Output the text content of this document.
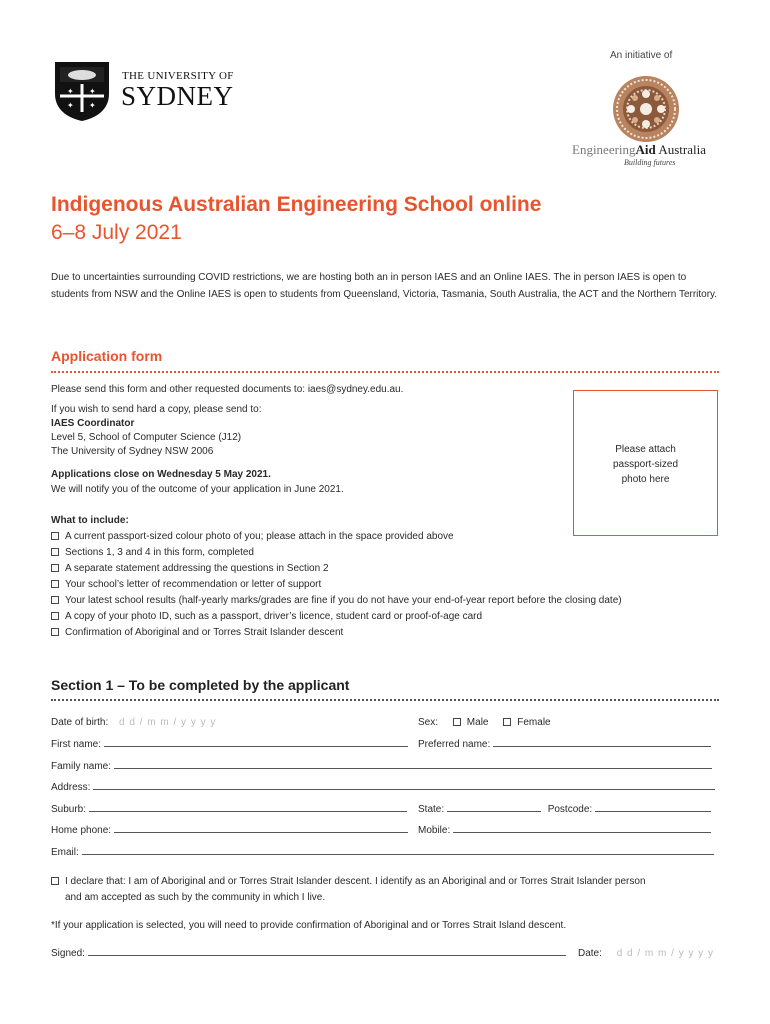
✦ ✦
✦ ✦
THE UNIVERSITY OF
SYDNEY
An initiative of
EngineeringAid Australia
Building futures
Indigenous Australian Engineering School online
6–8 July 2021
Due to uncertainties surrounding COVID restrictions, we are hosting both an in person IAES and an Online IAES. The in person IAES is open to students from NSW and the Online IAES is open to students from Queensland, Victoria, Tasmania, South Australia, the ACT and the Northern Territory.
Application form
Please send this form and other requested documents to: iaes@sydney.edu.au.
If you wish to send hard a copy, please send to:
IAES Coordinator
Level 5, School of Computer Science (J12)
The University of Sydney NSW 2006
Applications close on Wednesday 5 May 2021.
We will notify you of the outcome of your application in June 2021.
Please attach
passport-sized
photo here
What to include:
A current passport-sized colour photo of you; please attach in the space provided above
Sections 1, 3 and 4 in this form, completed
A separate statement addressing the questions in Section 2
Your school’s letter of recommendation or letter of support
Your latest school results (half-yearly marks/grades are fine if you do not have your end-of-year report before the closing date)
A copy of your photo ID, such as a passport, driver’s licence, student card or proof-of-age card
Confirmation of Aboriginal and or Torres Strait Islander descent
Section 1 – To be completed by the applicant
Date of birth: d d / m m / y y y y	Sex:	Male	Female
First name:	Preferred name:
Family name:
Address:
Suburb:	State:	Postcode:
Home phone:	Mobile:
Email:
I declare that: I am of Aboriginal and or Torres Strait Islander descent. I identify as an Aboriginal and or Torres Strait Islander person
and am accepted as such by the community in which I live.
*If your application is selected, you will need to provide confirmation of Aboriginal and or Torres Strait Island descent.
Signed:	Date: d d / m m / y y y y
